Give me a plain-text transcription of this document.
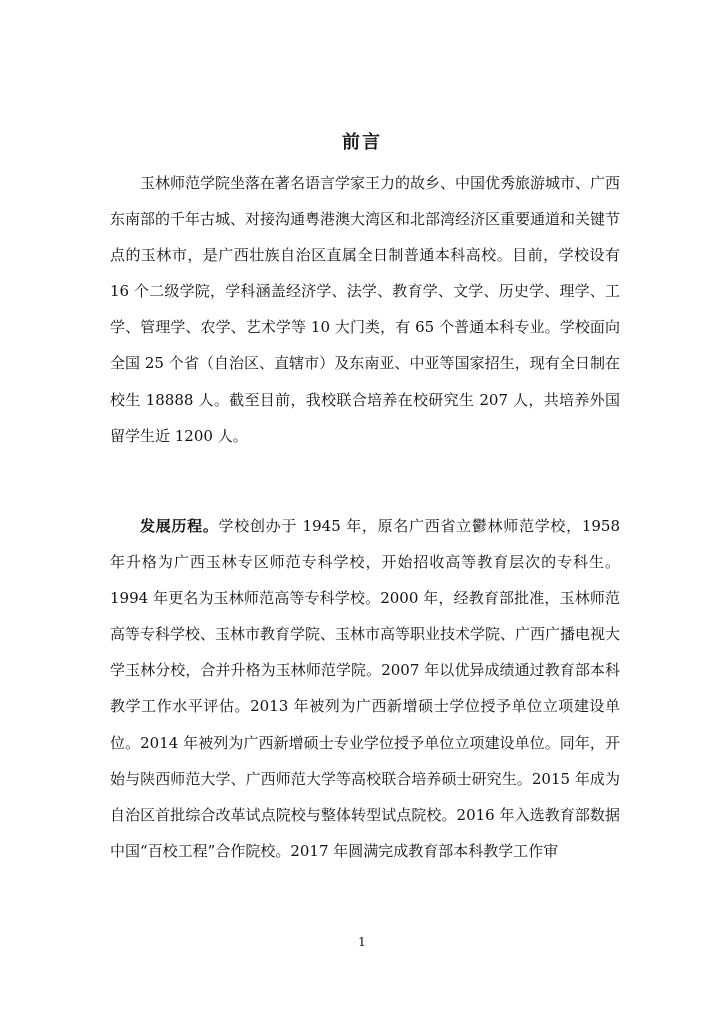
前言

玉林师范学院坐落在著名语言学家王力的故乡、中国优秀旅游城市、广西东南部的千年古城、对接沟通粤港澳大湾区和北部湾经济区重要通道和关键节点的玉林市，是广西壮族自治区直属全日制普通本科高校。目前，学校设有 16 个二级学院，学科涵盖经济学、法学、教育学、文学、历史学、理学、工学、管理学、农学、艺术学等 10 大门类，有 65 个普通本科专业。学校面向全国 25 个省（自治区、直辖市）及东南亚、中亚等国家招生，现有全日制在校生 18888 人。截至目前，我校联合培养在校研究生 207 人，共培养外国留学生近 1200 人。

发展历程。学校创办于 1945 年，原名广西省立鬱林师范学校，1958 年升格为广西玉林专区师范专科学校，开始招收高等教育层次的专科生。1994 年更名为玉林师范高等专科学校。2000 年，经教育部批准，玉林师范高等专科学校、玉林市教育学院、玉林市高等职业技术学院、广西广播电视大学玉林分校，合并升格为玉林师范学院。2007 年以优异成绩通过教育部本科教学工作水平评估。2013 年被列为广西新增硕士学位授予单位立项建设单位。2014 年被列为广西新增硕士专业学位授予单位立项建设单位。同年，开始与陕西师范大学、广西师范大学等高校联合培养硕士研究生。2015 年成为自治区首批综合改革试点院校与整体转型试点院校。2016 年入选教育部数据中国“百校工程”合作院校。2017 年圆满完成教育部本科教学工作审

1
